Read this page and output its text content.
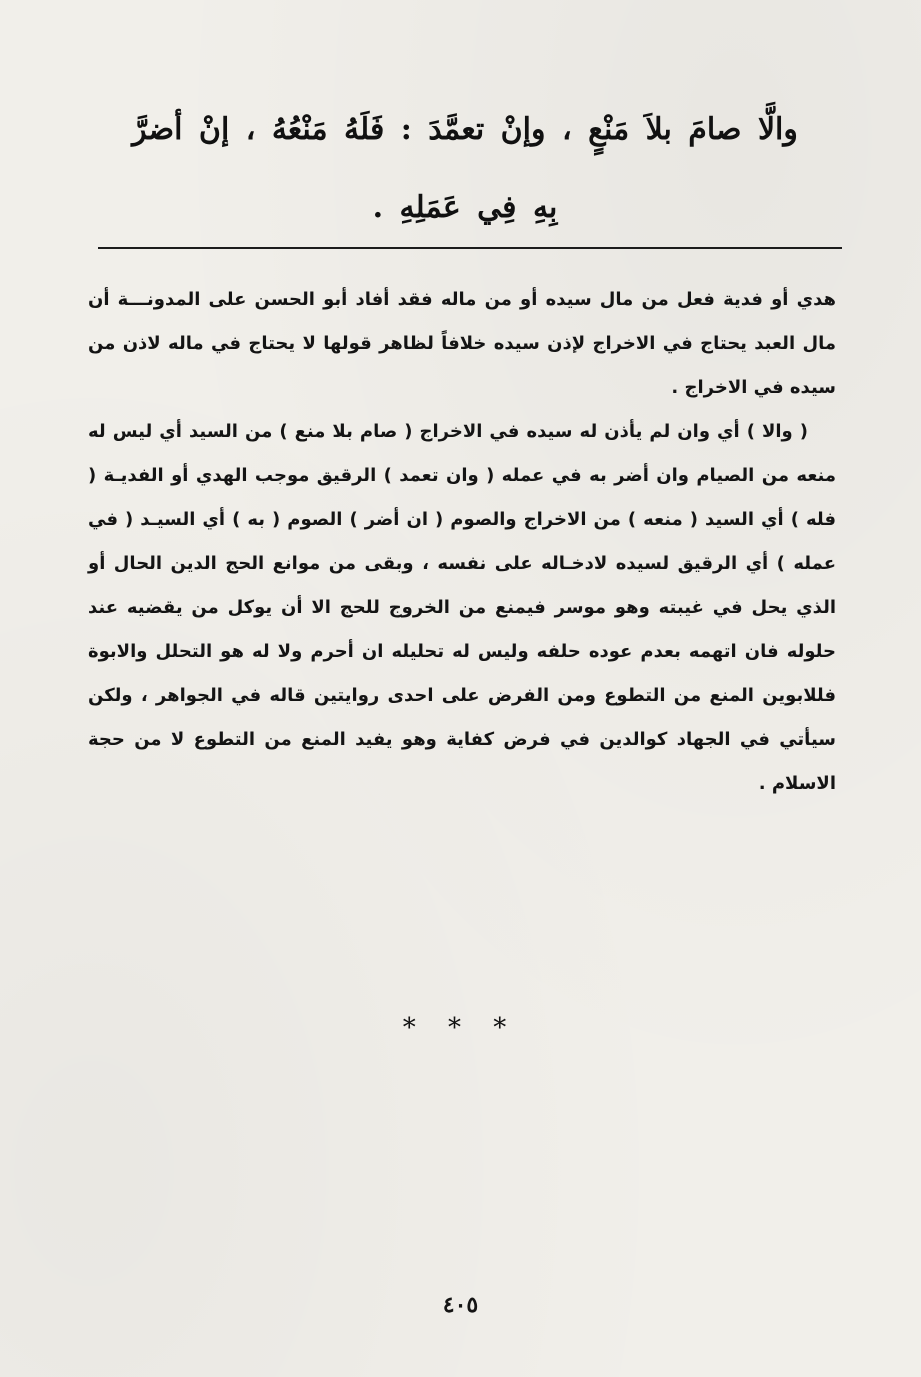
والَّا صامَ بلاَ مَنْعٍ ، وإنْ تعمَّدَ : فَلَهُ مَنْعُهُ ، إنْ أضرَّ
بِهِ فِي عَمَلِهِ .

هدي أو فدية فعل من مال سيده أو من ماله فقد أفاد أبو الحسن على المدونـــة أن مال العبد يحتاج في الاخراج لإذن سيده خلافاً لظاهر قولها لا يحتاج في ماله لاذن من سيده في الاخراج .

( والا ) أي وان لم يأذن له سيده في الاخراج ( صام بلا منع ) من السيد أي ليس له منعه من الصيام وان أضر به في عمله ( وان تعمد ) الرقيق موجب الهدي أو الفديـة ( فله ) أي السيد ( منعه ) من الاخراج والصوم ( ان أضر ) الصوم ( به ) أي السيـد ( في عمله ) أي الرقيق لسيده لادخـاله على نفسه ، وبقى من موانع الحج الدين الحال أو الذي يحل في غيبته وهو موسر فيمنع من الخروج للحج الا أن يوكل من يقضيه عند حلوله فان اتهمه بعدم عوده حلفه وليس له تحليله ان أحرم ولا له هو التحلل والابوة فللابوين المنع من التطوع ومن الفرض على احدى روايتين قاله في الجواهر ، ولكن سيأتي في الجهاد كوالدين في فرض كفاية وهو يفيد المنع من التطوع لا من حجة الاسلام .

* * *
٤٠٥
